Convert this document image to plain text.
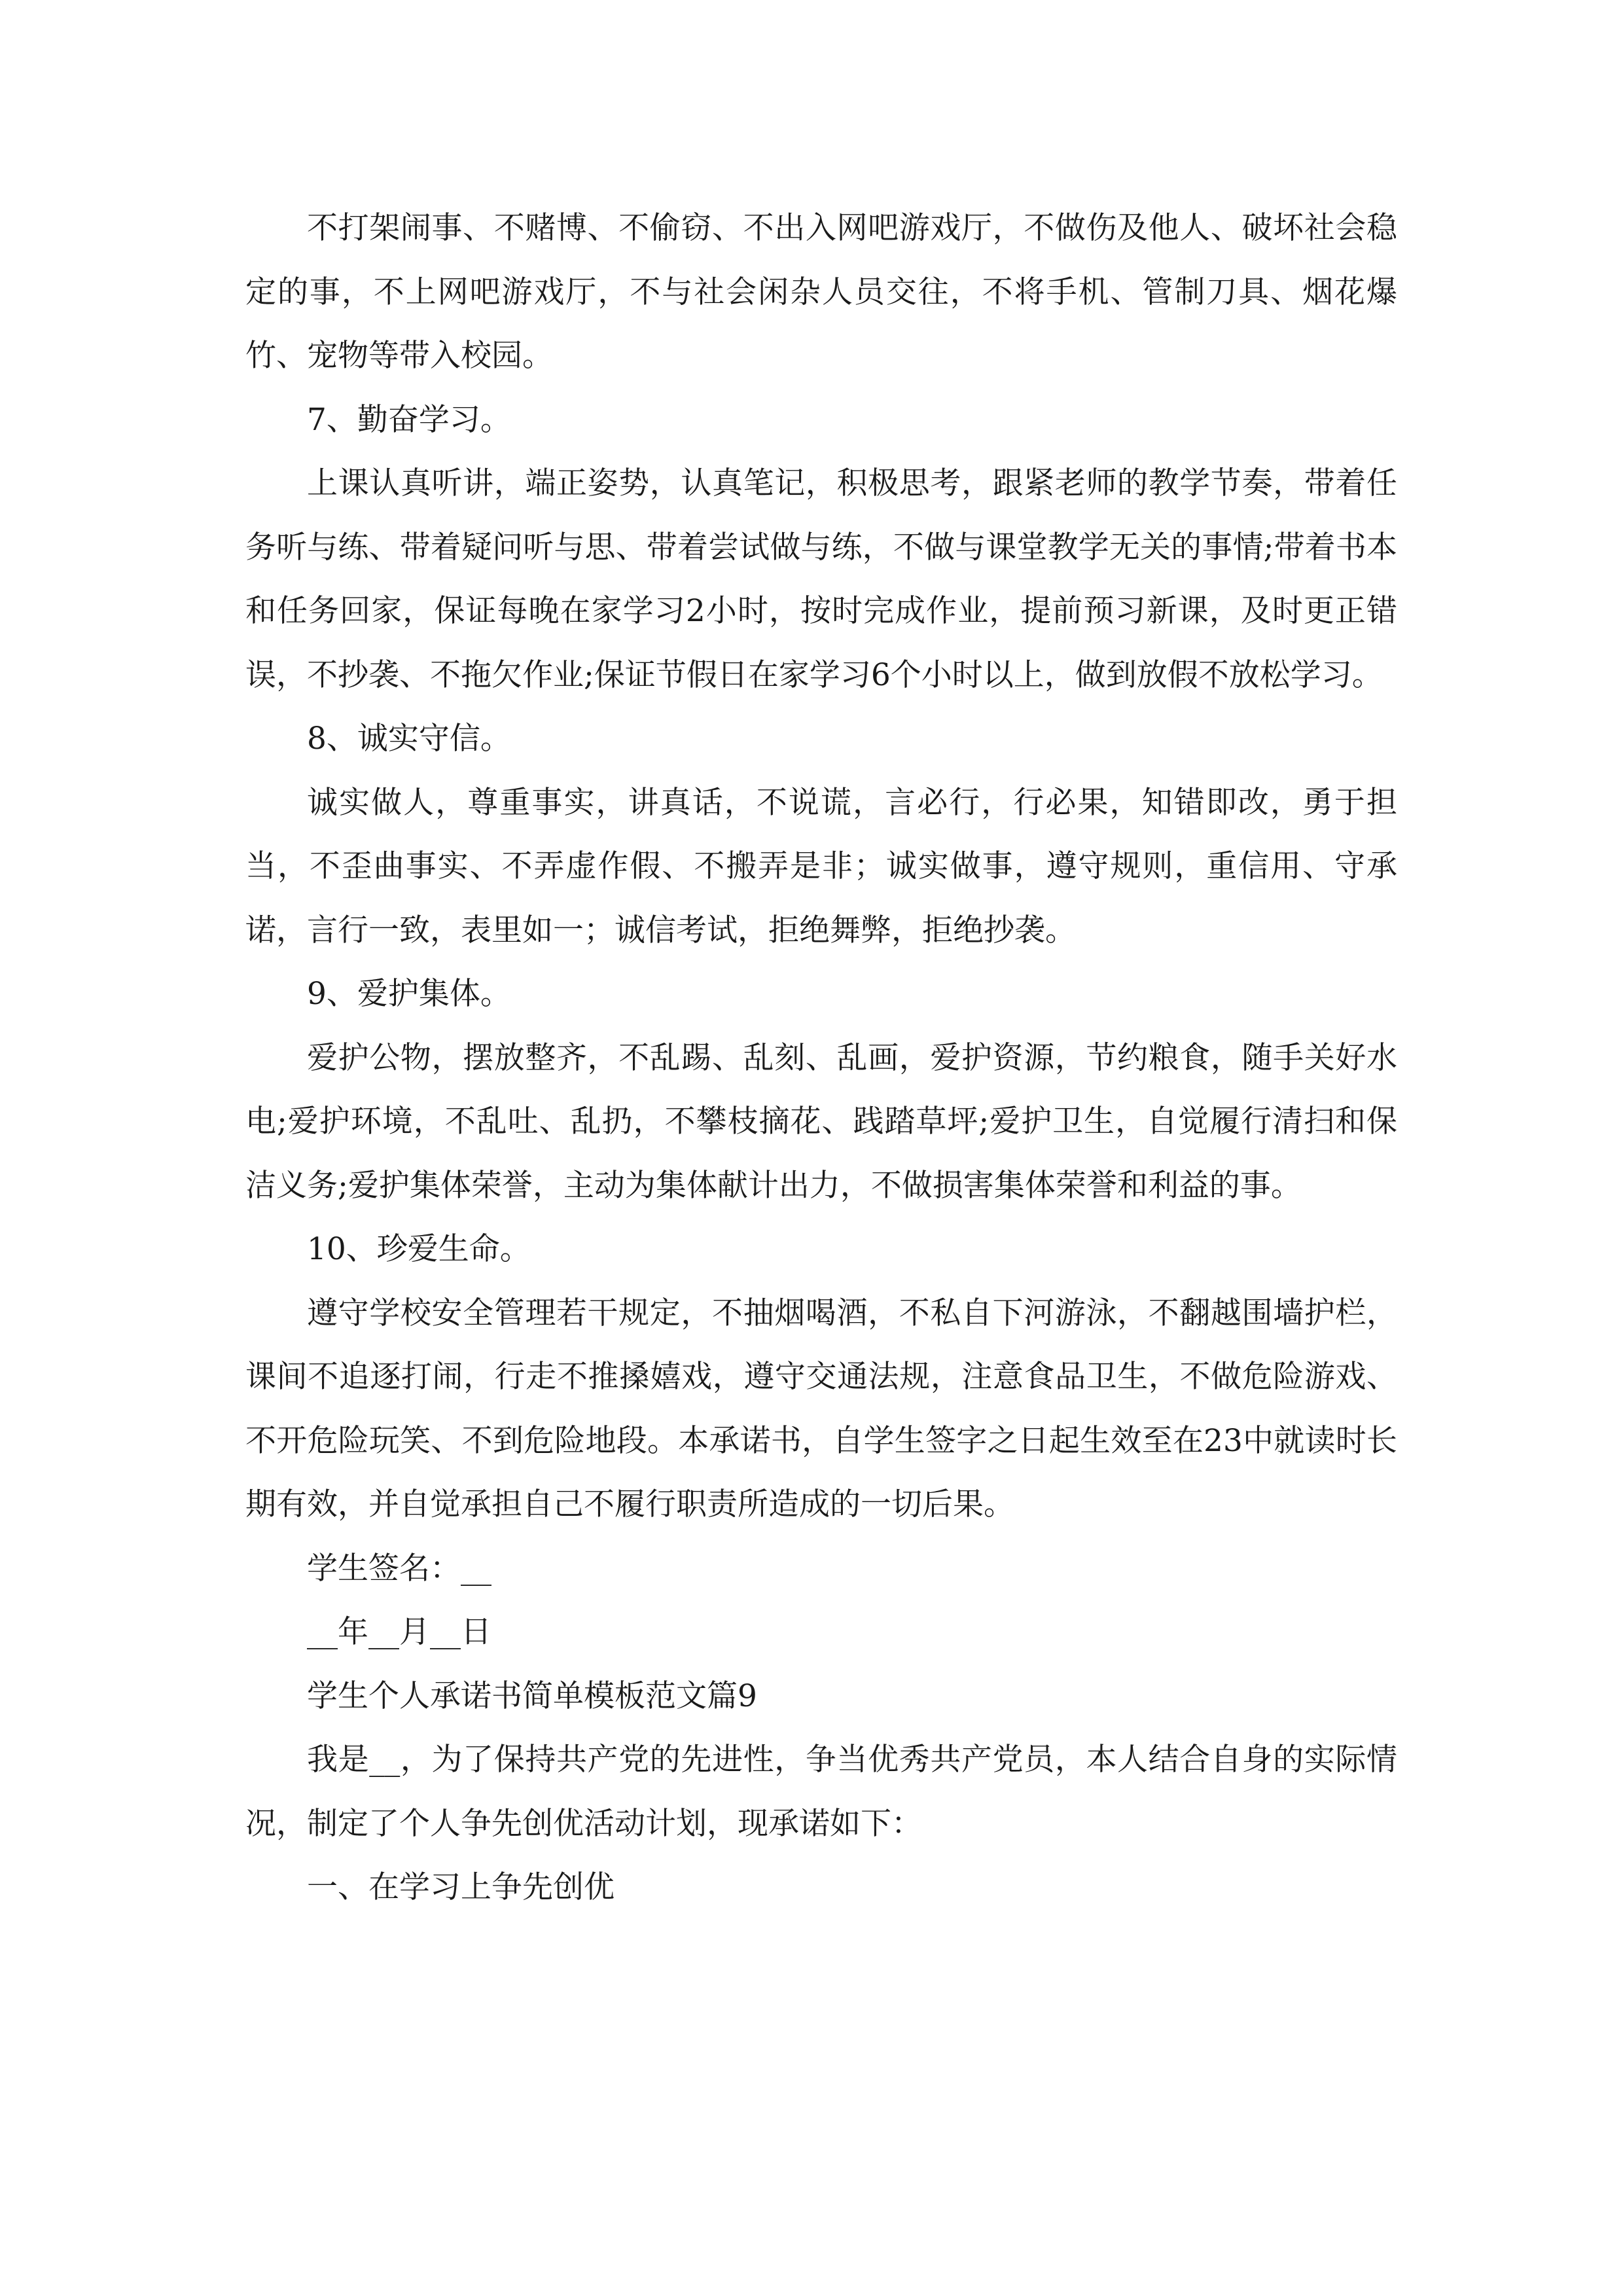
不打架闹事、不赌博、不偷窃、不出入网吧游戏厅，不做伤及他人、破坏社会稳定的事，不上网吧游戏厅，不与社会闲杂人员交往，不将手机、管制刀具、烟花爆竹、宠物等带入校园。

7、勤奋学习。

上课认真听讲，端正姿势，认真笔记，积极思考，跟紧老师的教学节奏，带着任务听与练、带着疑问听与思、带着尝试做与练，不做与课堂教学无关的事情;带着书本和任务回家，保证每晚在家学习2小时，按时完成作业，提前预习新课，及时更正错误，不抄袭、不拖欠作业;保证节假日在家学习6个小时以上，做到放假不放松学习。

8、诚实守信。

诚实做人，尊重事实，讲真话，不说谎，言必行，行必果，知错即改，勇于担当，不歪曲事实、不弄虚作假、不搬弄是非；诚实做事，遵守规则，重信用、守承诺，言行一致，表里如一；诚信考试，拒绝舞弊，拒绝抄袭。

9、爱护集体。

爱护公物，摆放整齐，不乱踢、乱刻、乱画，爱护资源，节约粮食，随手关好水电;爱护环境，不乱吐、乱扔，不攀枝摘花、践踏草坪;爱护卫生，自觉履行清扫和保洁义务;爱护集体荣誉，主动为集体献计出力，不做损害集体荣誉和利益的事。

10、珍爱生命。

遵守学校安全管理若干规定，不抽烟喝酒，不私自下河游泳，不翻越围墙护栏，课间不追逐打闹，行走不推搡嬉戏，遵守交通法规，注意食品卫生，不做危险游戏、不开危险玩笑、不到危险地段。本承诺书，自学生签字之日起生效至在23中就读时长期有效，并自觉承担自己不履行职责所造成的一切后果。

学生签名：__

__年__月__日

学生个人承诺书简单模板范文篇9

我是__，为了保持共产党的先进性，争当优秀共产党员，本人结合自身的实际情况，制定了个人争先创优活动计划，现承诺如下：

一、在学习上争先创优
